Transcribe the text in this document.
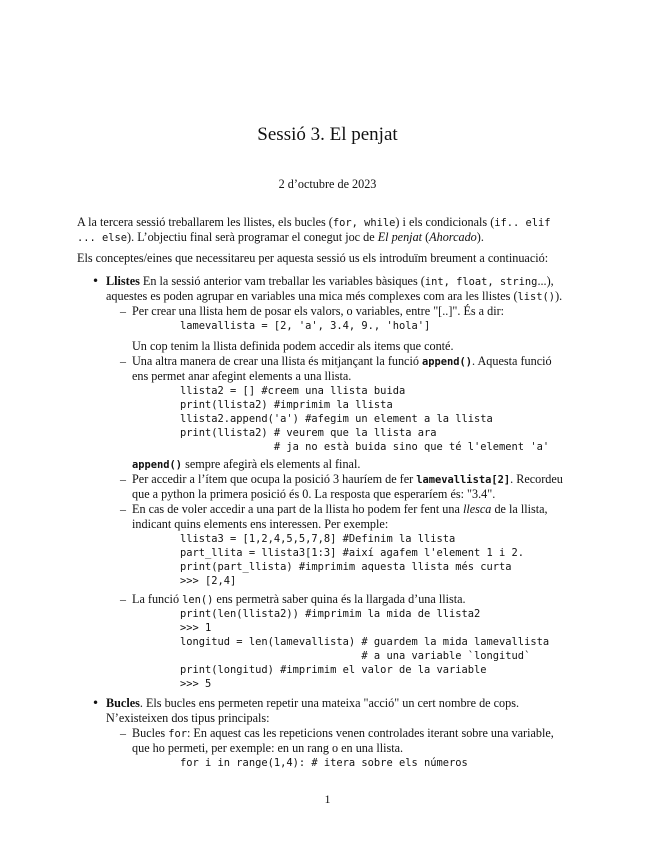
Sessió 3. El penjat
2 d’octubre de 2023
A la tercera sessió treballarem les llistes, els bucles (for, while) i els condicionals (if.. elif
... else). L’objectiu final serà programar el conegut joc de El penjat (Ahorcado).
Els conceptes/eines que necessitareu per aquesta sessió us els introduïm breument a continuació:
• Llistes En la sessió anterior vam treballar les variables bàsiques (int, float, string...),
aquestes es poden agrupar en variables una mica més complexes com ara les llistes (list()).
– Per crear una llista hem de posar els valors, o variables, entre "[..]". És a dir:
lamevallista = [2, 'a', 3.4, 9., 'hola']
Un cop tenim la llista definida podem accedir als items que conté.
– Una altra manera de crear una llista és mitjançant la funció append(). Aquesta funció
ens permet anar afegint elements a una llista.
llista2 = [] #creem una llista buida
print(llista2) #imprimim la llista
llista2.append('a') #afegim un element a la llista
print(llista2) # veurem que la llista ara
# ja no està buida sino que té l'element 'a'
append() sempre afegirà els elements al final.
– Per accedir a l’ítem que ocupa la posició 3 hauríem de fer lamevallista[2]. Recordeu
que a python la primera posició és 0. La resposta que esperaríem és: "3.4".
– En cas de voler accedir a una part de la llista ho podem fer fent una llesca de la llista,
indicant quins elements ens interessen. Per exemple:
llista3 = [1,2,4,5,5,7,8] #Definim la llista
part_llita = llista3[1:3] #així agafem l'element 1 i 2.
print(part_llista) #imprimim aquesta llista més curta
>>> [2,4]
– La funció len() ens permetrà saber quina és la llargada d’una llista.
print(len(llista2)) #imprimim la mida de llista2
>>> 1
longitud = len(lamevallista) # guardem la mida lamevallista
# a una variable `longitud`
print(longitud) #imprimim el valor de la variable
>>> 5
• Bucles. Els bucles ens permeten repetir una mateixa "acció" un cert nombre de cops.
N’existeixen dos tipus principals:
– Bucles for: En aquest cas les repeticions venen controlades iterant sobre una variable,
que ho permeti, per exemple: en un rang o en una llista.
for i in range(1,4): # itera sobre els números
1
